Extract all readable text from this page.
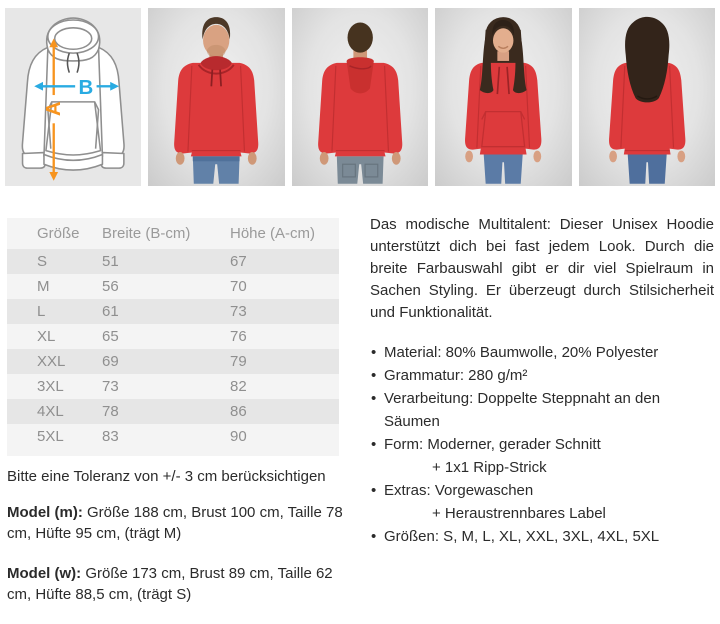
A
B
Größe	Breite (B-cm)	Höhe (A-cm)
S	51	67
M	56	70
L	61	73
XL	65	76
XXL	69	79
3XL	73	82
4XL	78	86
5XL	83	90

Das modische Multitalent: Dieser Unisex Hoodie unterstützt dich bei fast jedem Look. Durch die breite Farbauswahl gibt er dir viel Spielraum in Sachen Styling. Er überzeugt durch Stilsicherheit und Funktionalität.

• Material: 80% Baumwolle, 20% Polyester
• Grammatur: 280 g/m²
• Verarbeitung: Doppelte Steppnaht an den Säumen
• Form: Moderner, gerader Schnitt
+ 1x1 Ripp-Strick
• Extras: Vorgewaschen
+ Heraustrennbares Label
• Größen: S, M, L, XL, XXL, 3XL, 4XL, 5XL

Bitte eine Toleranz von +/- 3 cm berücksichtigen

Model (m): Größe 188 cm, Brust 100 cm, Taille 78 cm, Hüfte 95 cm, (trägt M)

Model (w): Größe 173 cm, Brust 89 cm, Taille 62 cm, Hüfte 88,5 cm, (trägt S)
